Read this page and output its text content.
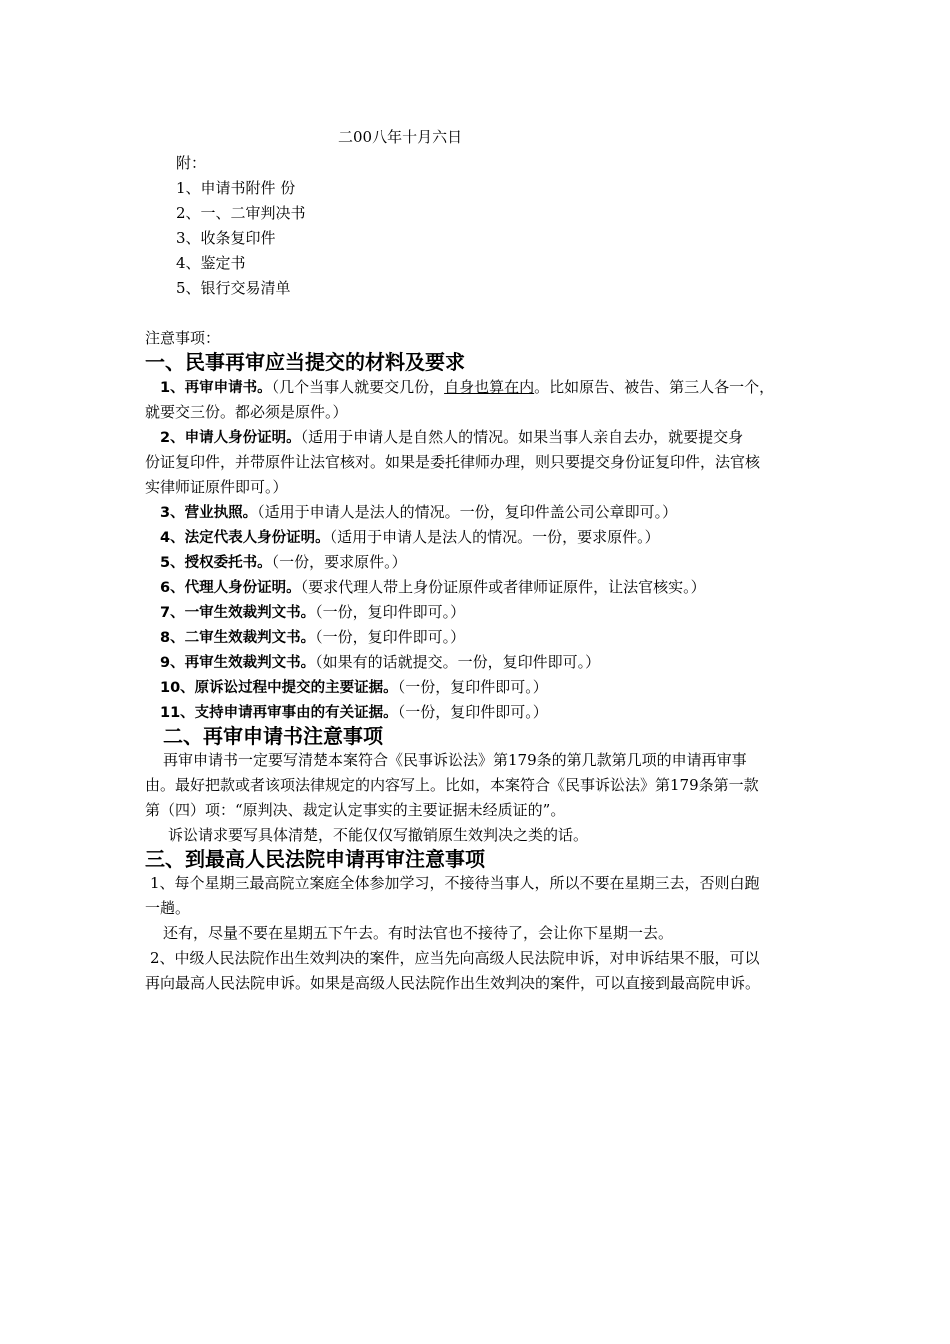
二00八年十月六日
附：
1、申请书附件 份
2、一、二审判决书
3、收条复印件
4、鉴定书
5、银行交易清单
注意事项：
一、民事再审应当提交的材料及要求
1、再审申请书。（几个当事人就要交几份，自身也算在内。比如原告、被告、第三人各一个，
就要交三份。都必须是原件。）
2、申请人身份证明。（适用于申请人是自然人的情况。如果当事人亲自去办，就要提交身
份证复印件，并带原件让法官核对。如果是委托律师办理，则只要提交身份证复印件，法官核
实律师证原件即可。）
3、营业执照。（适用于申请人是法人的情况。一份，复印件盖公司公章即可。）
4、法定代表人身份证明。（适用于申请人是法人的情况。一份，要求原件。）
5、授权委托书。（一份，要求原件。）
6、代理人身份证明。（要求代理人带上身份证原件或者律师证原件，让法官核实。）
7、一审生效裁判文书。（一份，复印件即可。）
8、二审生效裁判文书。（一份，复印件即可。）
9、再审生效裁判文书。（如果有的话就提交。一份，复印件即可。）
10、原诉讼过程中提交的主要证据。（一份，复印件即可。）
11、支持申请再审事由的有关证据。（一份，复印件即可。）
二、再审申请书注意事项
再审申请书一定要写清楚本案符合《民事诉讼法》第179条的第几款第几项的申请再审事
由。最好把款或者该项法律规定的内容写上。比如，本案符合《民事诉讼法》第179条第一款
第（四）项：“原判决、裁定认定事实的主要证据未经质证的”。
诉讼请求要写具体清楚，不能仅仅写撤销原生效判决之类的话。
三、到最高人民法院申请再审注意事项
1、每个星期三最高院立案庭全体参加学习，不接待当事人，所以不要在星期三去，否则白跑
一趟。
还有，尽量不要在星期五下午去。有时法官也不接待了，会让你下星期一去。
2、中级人民法院作出生效判决的案件，应当先向高级人民法院申诉，对申诉结果不服，可以
再向最高人民法院申诉。如果是高级人民法院作出生效判决的案件，可以直接到最高院申诉。
